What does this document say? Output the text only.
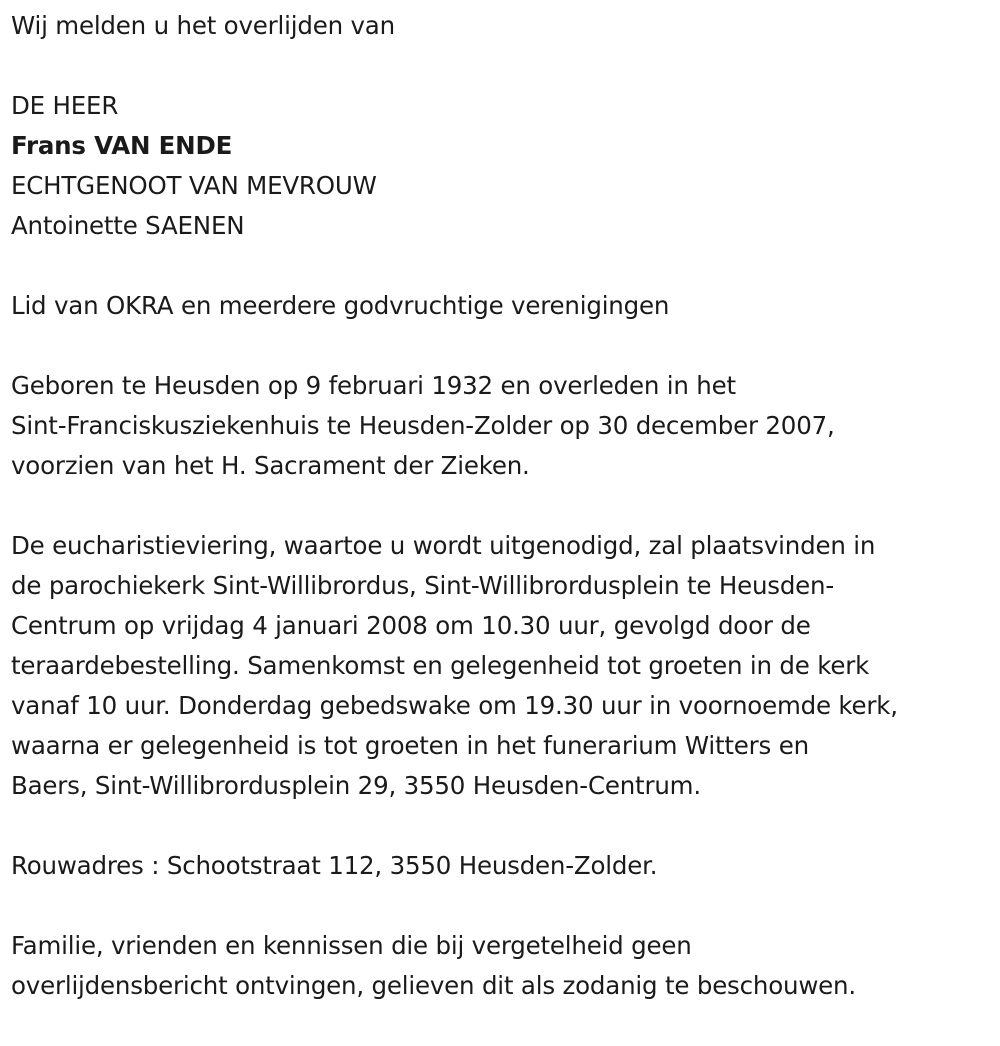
Wij melden u het overlijden van
DE HEER
Frans VAN ENDE
ECHTGENOOT VAN MEVROUW
Antoinette SAENEN
Lid van OKRA en meerdere godvruchtige verenigingen
Geboren te Heusden op 9 februari 1932 en overleden in het
Sint-Franciskusziekenhuis te Heusden-Zolder op 30 december 2007,
voorzien van het H. Sacrament der Zieken.
De eucharistieviering, waartoe u wordt uitgenodigd, zal plaatsvinden in
de parochiekerk Sint-Willibrordus, Sint-Willibrordusplein te Heusden-
Centrum op vrijdag 4 januari 2008 om 10.30 uur, gevolgd door de
teraardebestelling. Samenkomst en gelegenheid tot groeten in de kerk
vanaf 10 uur. Donderdag gebedswake om 19.30 uur in voornoemde kerk,
waarna er gelegenheid is tot groeten in het funerarium Witters en
Baers, Sint-Willibrordusplein 29, 3550 Heusden-Centrum.
Rouwadres : Schootstraat 112, 3550 Heusden-Zolder.
Familie, vrienden en kennissen die bij vergetelheid geen
overlijdensbericht ontvingen, gelieven dit als zodanig te beschouwen.
